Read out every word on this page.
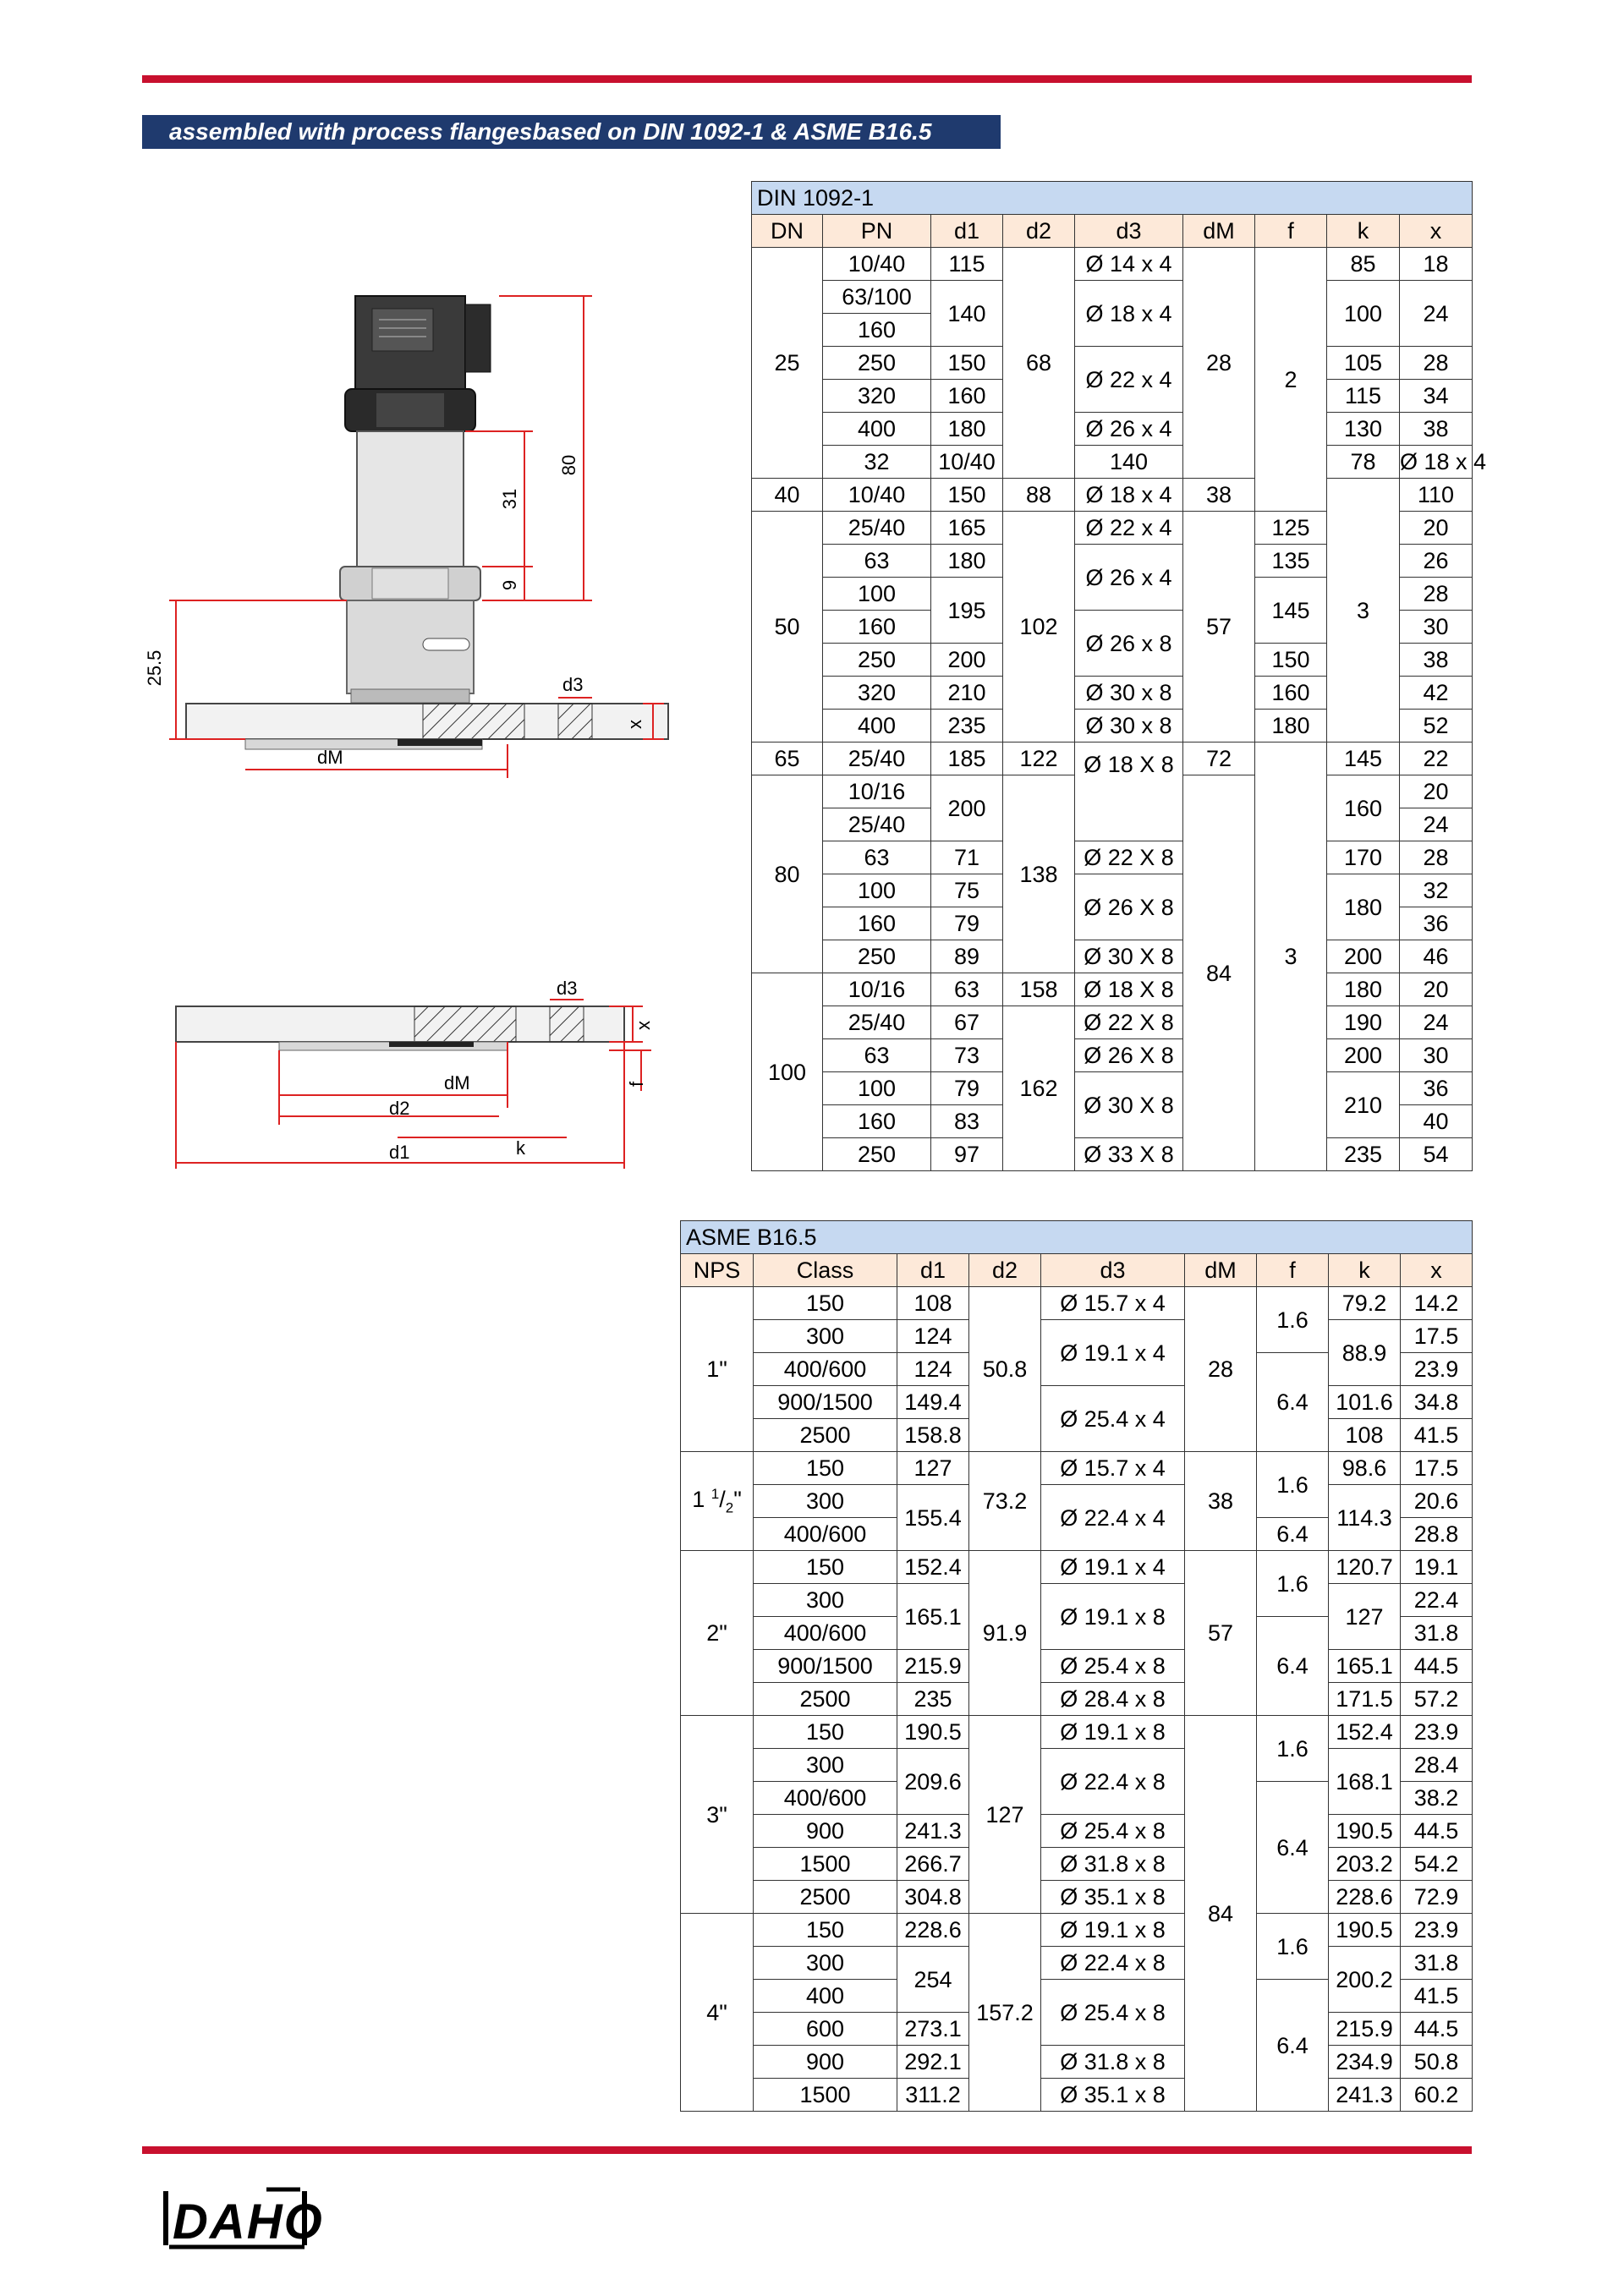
assembled with process flangesbased on DIN 1092-1 & ASME B16.5
DIN 1092-1									
DN	PN	d1	d2	d3	dM	f	k	x	
25	10/40	115	68	Ø 14 x 4	28	2	85	18	
	63/100	140		Ø 18 x 4			100	24	
	160								
	250	150		Ø 22 x 4			105	28	
	320	160					115	34	
	400	180		Ø 26 x 4			130	38	
	32	10/40		140			78	Ø 18 x 4			
40	10/40	150	88	Ø 18 x 4	38		3	110	
50	25/40	165	102	Ø 22 x 4	57	125		20	
	63	180		Ø 26 x 4		135		26	
	100	195				145		28	
	160			Ø 26 x 8				30	
	250	200				150		38	
	320	210		Ø 30 x 8		160		42	
	400	235		Ø 30 x 8		180		52	
65	25/40	185	122	Ø 18 X 8	72	3	145	22	
80	10/16	200	138		84		160	20	
	25/40							24	
	63	71		Ø 22 X 8			170	28	
	100	75		Ø 26 X 8			180	32	
	160	79						36	
	250	89		Ø 30 X 8			200	46	
100	10/16	63	158	Ø 18 X 8			180	20	
	25/40	67	162	Ø 22 X 8			190	24	
	63	73		Ø 26 X 8			200	30	
	100	79		Ø 30 X 8			210	36	
	160	83						40	
	250	97		Ø 33 X 8			235	54	
ASME B16.5								
NPS	Class	d1	d2	d3	dM	f	k	x
1"	150	108	50.8	Ø 15.7 x 4	28	1.6	79.2	14.2
	300	124		Ø 19.1 x 4			88.9	17.5
	400/600	124				6.4		23.9
	900/1500	149.4		Ø 25.4 x 4			101.6	34.8
	2500	158.8					108	41.5
1 $^1/_2$"	150	127	73.2	Ø 15.7 x 4	38	1.6	98.6	17.5
	300	155.4		Ø 22.4 x 4			114.3	20.6
	400/600					6.4		28.8
2"	150	152.4	91.9	Ø 19.1 x 4	57	1.6	120.7	19.1
	300	165.1		Ø 19.1 x 8			127	22.4
	400/600					6.4		31.8
	900/1500	215.9		Ø 25.4 x 8			165.1	44.5
	2500	235		Ø 28.4 x 8			171.5	57.2
3"	150	190.5	127	Ø 19.1 x 8	84	1.6	152.4	23.9
	300	209.6		Ø 22.4 x 8			168.1	28.4
	400/600					6.4		38.2
	900	241.3		Ø 25.4 x 8			190.5	44.5
	1500	266.7		Ø 31.8 x 8			203.2	54.2
	2500	304.8		Ø 35.1 x 8			228.6	72.9
4"	150	228.6	157.2	Ø 19.1 x 8		1.6	190.5	23.9
	300	254		Ø 22.4 x 8			200.2	31.8
	400			Ø 25.4 x 8		6.4		41.5
	600	273.1					215.9	44.5
	900	292.1		Ø 31.8 x 8			234.9	50.8
	1500	311.2		Ø 35.1 x 8			241.3	60.2
80
31
9
25.5	d3
x
dM
d3
x
dM
d2
k
d1
f
DAHO
